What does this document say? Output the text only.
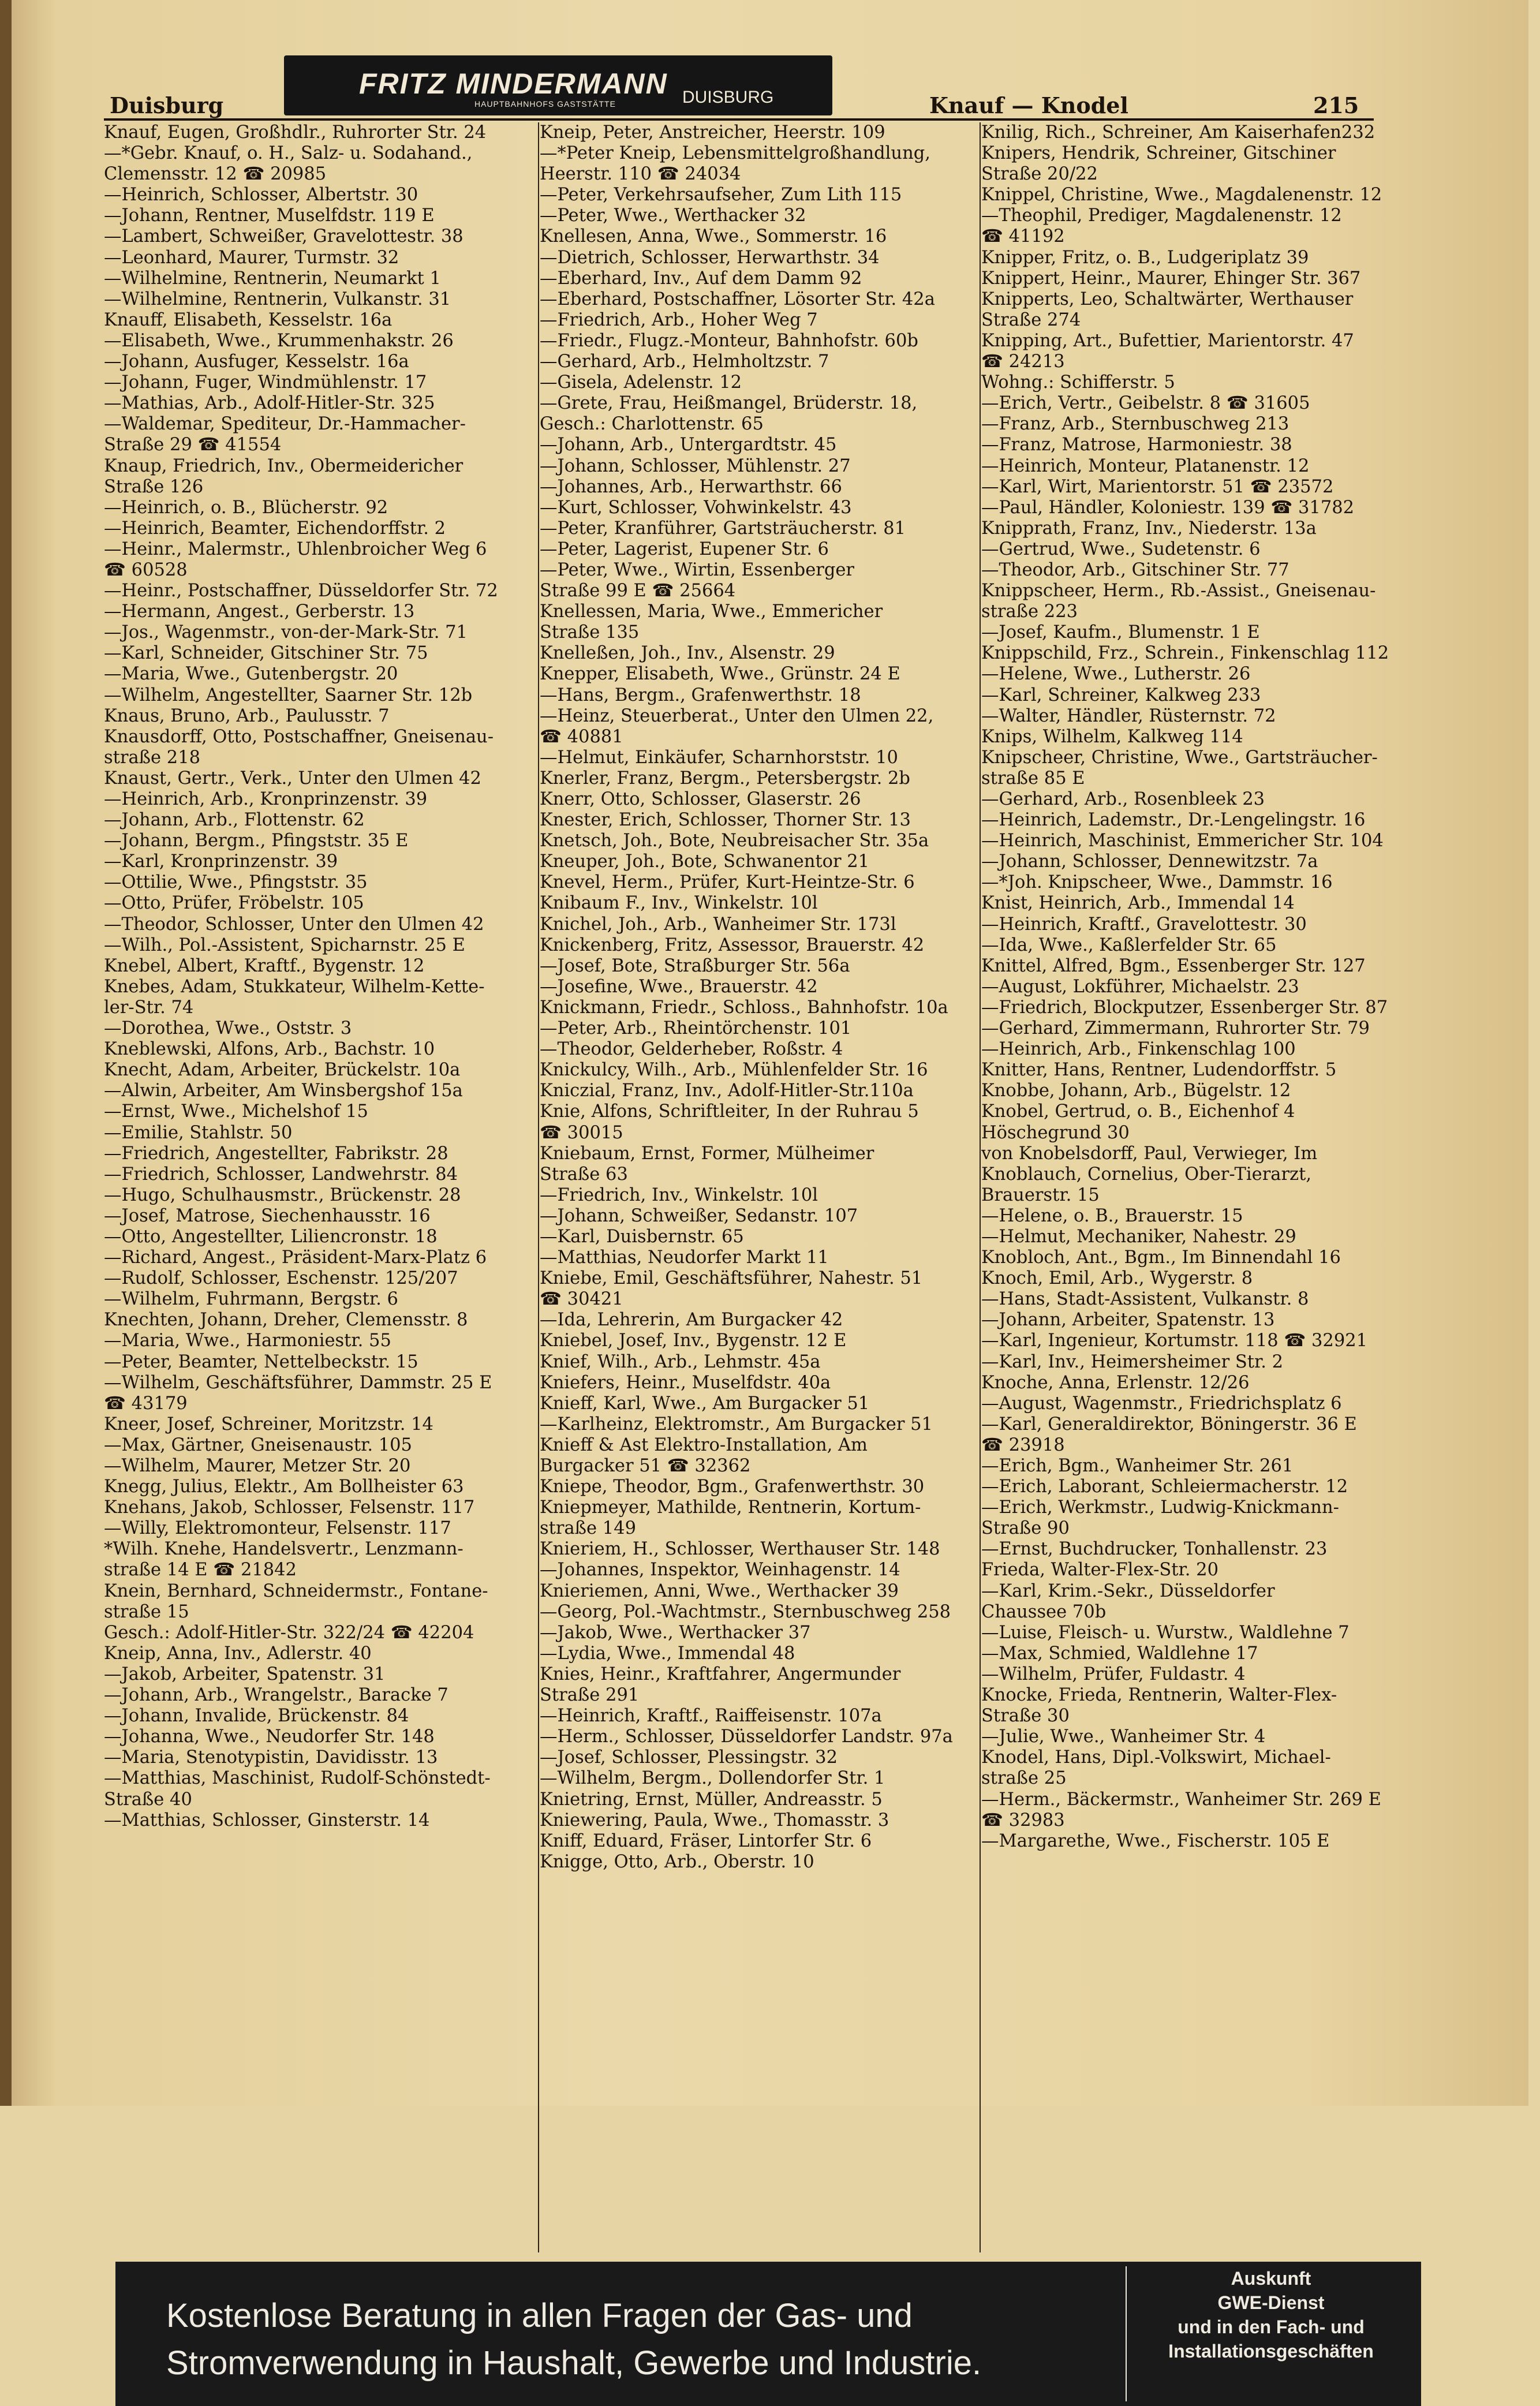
Duisburg	Knauf — Knodel	215
FRITZ MINDERMANN
HAUPTBAHNHOFS GASTSTÄTTE	DUISBURG
Knauf, Eugen, Großhdlr., Ruhrorter Str. 24
—*Gebr. Knauf, o. H., Salz- u. Sodahand.,
Clemensstr. 12 ☎ 20985
—Heinrich, Schlosser, Albertstr. 30
—Johann, Rentner, Muselfdstr. 119 E
—Lambert, Schweißer, Gravelottestr. 38
—Leonhard, Maurer, Turmstr. 32
—Wilhelmine, Rentnerin, Neumarkt 1
—Wilhelmine, Rentnerin, Vulkanstr. 31
Knauff, Elisabeth, Kesselstr. 16a
—Elisabeth, Wwe., Krummenhakstr. 26
—Johann, Ausfuger, Kesselstr. 16a
—Johann, Fuger, Windmühlenstr. 17
—Mathias, Arb., Adolf-Hitler-Str. 325
—Waldemar, Spediteur, Dr.-Hammacher-
Straße 29 ☎ 41554
Knaup, Friedrich, Inv., Obermeidericher
Straße 126
—Heinrich, o. B., Blücherstr. 92
—Heinrich, Beamter, Eichendorffstr. 2
—Heinr., Malermstr., Uhlenbroicher Weg 6
☎ 60528
—Heinr., Postschaffner, Düsseldorfer Str. 72
—Hermann, Angest., Gerberstr. 13
—Jos., Wagenmstr., von-der-Mark-Str. 71
—Karl, Schneider, Gitschiner Str. 75
—Maria, Wwe., Gutenbergstr. 20
—Wilhelm, Angestellter, Saarner Str. 12b
Knaus, Bruno, Arb., Paulusstr. 7
Knausdorff, Otto, Postschaffner, Gneisenau-
straße 218
Knaust, Gertr., Verk., Unter den Ulmen 42
—Heinrich, Arb., Kronprinzenstr. 39
—Johann, Arb., Flottenstr. 62
—Johann, Bergm., Pfingststr. 35 E
—Karl, Kronprinzenstr. 39
—Ottilie, Wwe., Pfingststr. 35
—Otto, Prüfer, Fröbelstr. 105
—Theodor, Schlosser, Unter den Ulmen 42
—Wilh., Pol.-Assistent, Spicharnstr. 25 E
Knebel, Albert, Kraftf., Bygenstr. 12
Knebes, Adam, Stukkateur, Wilhelm-Kette-
ler-Str. 74
—Dorothea, Wwe., Oststr. 3
Kneblewski, Alfons, Arb., Bachstr. 10
Knecht, Adam, Arbeiter, Brückelstr. 10a
—Alwin, Arbeiter, Am Winsbergshof 15a
—Ernst, Wwe., Michelshof 15
—Emilie, Stahlstr. 50
—Friedrich, Angestellter, Fabrikstr. 28
—Friedrich, Schlosser, Landwehrstr. 84
—Hugo, Schulhausmstr., Brückenstr. 28
—Josef, Matrose, Siechenhausstr. 16
—Otto, Angestellter, Liliencronstr. 18
—Richard, Angest., Präsident-Marx-Platz 6
—Rudolf, Schlosser, Eschenstr. 125/207
—Wilhelm, Fuhrmann, Bergstr. 6
Knechten, Johann, Dreher, Clemensstr. 8
—Maria, Wwe., Harmoniestr. 55
—Peter, Beamter, Nettelbeckstr. 15
—Wilhelm, Geschäftsführer, Dammstr. 25 E
☎ 43179
Kneer, Josef, Schreiner, Moritzstr. 14
—Max, Gärtner, Gneisenaustr. 105
—Wilhelm, Maurer, Metzer Str. 20
Knegg, Julius, Elektr., Am Bollheister 63
Knehans, Jakob, Schlosser, Felsenstr. 117
—Willy, Elektromonteur, Felsenstr. 117
*Wilh. Knehe, Handelsvertr., Lenzmann-
straße 14 E ☎ 21842
Knein, Bernhard, Schneidermstr., Fontane-
straße 15
Gesch.: Adolf-Hitler-Str. 322/24 ☎ 42204
Kneip, Anna, Inv., Adlerstr. 40
—Jakob, Arbeiter, Spatenstr. 31
—Johann, Arb., Wrangelstr., Baracke 7
—Johann, Invalide, Brückenstr. 84
—Johanna, Wwe., Neudorfer Str. 148
—Maria, Stenotypistin, Davidisstr. 13
—Matthias, Maschinist, Rudolf-Schönstedt-
Straße 40
—Matthias, Schlosser, Ginsterstr. 14
Kneip, Peter, Anstreicher, Heerstr. 109
—*Peter Kneip, Lebensmittelgroßhandlung,
Heerstr. 110 ☎ 24034
—Peter, Verkehrsaufseher, Zum Lith 115
—Peter, Wwe., Werthacker 32
Knellesen, Anna, Wwe., Sommerstr. 16
—Dietrich, Schlosser, Herwarthstr. 34
—Eberhard, Inv., Auf dem Damm 92
—Eberhard, Postschaffner, Lösorter Str. 42a
—Friedrich, Arb., Hoher Weg 7
—Friedr., Flugz.-Monteur, Bahnhofstr. 60b
—Gerhard, Arb., Helmholtzstr. 7
—Gisela, Adelenstr. 12
—Grete, Frau, Heißmangel, Brüderstr. 18,
Gesch.: Charlottenstr. 65
—Johann, Arb., Untergardtstr. 45
—Johann, Schlosser, Mühlenstr. 27
—Johannes, Arb., Herwarthstr. 66
—Kurt, Schlosser, Vohwinkelstr. 43
—Peter, Kranführer, Gartsträucherstr. 81
—Peter, Lagerist, Eupener Str. 6
—Peter, Wwe., Wirtin, Essenberger
Straße 99 E ☎ 25664
Knellessen, Maria, Wwe., Emmericher
Straße 135
Knelleßen, Joh., Inv., Alsenstr. 29
Knepper, Elisabeth, Wwe., Grünstr. 24 E
—Hans, Bergm., Grafenwerthstr. 18
—Heinz, Steuerberat., Unter den Ulmen 22,
☎ 40881
—Helmut, Einkäufer, Scharnhorststr. 10
Knerler, Franz, Bergm., Petersbergstr. 2b
Knerr, Otto, Schlosser, Glaserstr. 26
Knester, Erich, Schlosser, Thorner Str. 13
Knetsch, Joh., Bote, Neubreisacher Str. 35a
Kneuper, Joh., Bote, Schwanentor 21
Knevel, Herm., Prüfer, Kurt-Heintze-Str. 6
Knibaum F., Inv., Winkelstr. 10l
Knichel, Joh., Arb., Wanheimer Str. 173l
Knickenberg, Fritz, Assessor, Brauerstr. 42
—Josef, Bote, Straßburger Str. 56a
—Josefine, Wwe., Brauerstr. 42
Knickmann, Friedr., Schloss., Bahnhofstr. 10a
—Peter, Arb., Rheintörchenstr. 101
—Theodor, Gelderheber, Roßstr. 4
Knickulcy, Wilh., Arb., Mühlenfelder Str. 16
Kniczial, Franz, Inv., Adolf-Hitler-Str.110a
Knie, Alfons, Schriftleiter, In der Ruhrau 5
☎ 30015
Kniebaum, Ernst, Former, Mülheimer
Straße 63
—Friedrich, Inv., Winkelstr. 10l
—Johann, Schweißer, Sedanstr. 107
—Karl, Duisbernstr. 65
—Matthias, Neudorfer Markt 11
Kniebe, Emil, Geschäftsführer, Nahestr. 51
☎ 30421
—Ida, Lehrerin, Am Burgacker 42
Kniebel, Josef, Inv., Bygenstr. 12 E
Knief, Wilh., Arb., Lehmstr. 45a
Kniefers, Heinr., Muselfdstr. 40a
Knieff, Karl, Wwe., Am Burgacker 51
—Karlheinz, Elektromstr., Am Burgacker 51
Knieff & Ast Elektro-Installation, Am
Burgacker 51 ☎ 32362
Kniepe, Theodor, Bgm., Grafenwerthstr. 30
Kniepmeyer, Mathilde, Rentnerin, Kortum-
straße 149
Knieriem, H., Schlosser, Werthauser Str. 148
—Johannes, Inspektor, Weinhagenstr. 14
Knieriemen, Anni, Wwe., Werthacker 39
—Georg, Pol.-Wachtmstr., Sternbuschweg 258
—Jakob, Wwe., Werthacker 37
—Lydia, Wwe., Immendal 48
Knies, Heinr., Kraftfahrer, Angermunder
Straße 291
—Heinrich, Kraftf., Raiffeisenstr. 107a
—Herm., Schlosser, Düsseldorfer Landstr. 97a
—Josef, Schlosser, Plessingstr. 32
—Wilhelm, Bergm., Dollendorfer Str. 1
Knietring, Ernst, Müller, Andreasstr. 5
Kniewering, Paula, Wwe., Thomasstr. 3
Kniff, Eduard, Fräser, Lintorfer Str. 6
Knigge, Otto, Arb., Oberstr. 10
Knilig, Rich., Schreiner, Am Kaiserhafen232
Knipers, Hendrik, Schreiner, Gitschiner
Straße 20/22
Knippel, Christine, Wwe., Magdalenenstr. 12
—Theophil, Prediger, Magdalenenstr. 12
☎ 41192
Knipper, Fritz, o. B., Ludgeriplatz 39
Knippert, Heinr., Maurer, Ehinger Str. 367
Knipperts, Leo, Schaltwärter, Werthauser
Straße 274
Knipping, Art., Bufettier, Marientorstr. 47
☎ 24213
Wohng.: Schifferstr. 5
—Erich, Vertr., Geibelstr. 8 ☎ 31605
—Franz, Arb., Sternbuschweg 213
—Franz, Matrose, Harmoniestr. 38
—Heinrich, Monteur, Platanenstr. 12
—Karl, Wirt, Marientorstr. 51 ☎ 23572
—Paul, Händler, Koloniestr. 139 ☎ 31782
Knipprath, Franz, Inv., Niederstr. 13a
—Gertrud, Wwe., Sudetenstr. 6
—Theodor, Arb., Gitschiner Str. 77
Knippscheer, Herm., Rb.-Assist., Gneisenau-
straße 223
—Josef, Kaufm., Blumenstr. 1 E
Knippschild, Frz., Schrein., Finkenschlag 112
—Helene, Wwe., Lutherstr. 26
—Karl, Schreiner, Kalkweg 233
—Walter, Händler, Rüsternstr. 72
Knips, Wilhelm, Kalkweg 114
Knipscheer, Christine, Wwe., Gartsträucher-
straße 85 E
—Gerhard, Arb., Rosenbleek 23
—Heinrich, Lademstr., Dr.-Lengelingstr. 16
—Heinrich, Maschinist, Emmericher Str. 104
—Johann, Schlosser, Dennewitzstr. 7a
—*Joh. Knipscheer, Wwe., Dammstr. 16
Knist, Heinrich, Arb., Immendal 14
—Heinrich, Kraftf., Gravelottestr. 30
—Ida, Wwe., Kaßlerfelder Str. 65
Knittel, Alfred, Bgm., Essenberger Str. 127
—August, Lokführer, Michaelstr. 23
—Friedrich, Blockputzer, Essenberger Str. 87
—Gerhard, Zimmermann, Ruhrorter Str. 79
—Heinrich, Arb., Finkenschlag 100
Knitter, Hans, Rentner, Ludendorffstr. 5
Knobbe, Johann, Arb., Bügelstr. 12
Knobel, Gertrud, o. B., Eichenhof 4
Höschegrund 30
von Knobelsdorff, Paul, Verwieger, Im
Knoblauch, Cornelius, Ober-Tierarzt,
Brauerstr. 15
—Helene, o. B., Brauerstr. 15
—Helmut, Mechaniker, Nahestr. 29
Knobloch, Ant., Bgm., Im Binnendahl 16
Knoch, Emil, Arb., Wygerstr. 8
—Hans, Stadt-Assistent, Vulkanstr. 8
—Johann, Arbeiter, Spatenstr. 13
—Karl, Ingenieur, Kortumstr. 118 ☎ 32921
—Karl, Inv., Heimersheimer Str. 2
Knoche, Anna, Erlenstr. 12/26
—August, Wagenmstr., Friedrichsplatz 6
—Karl, Generaldirektor, Böningerstr. 36 E
☎ 23918
—Erich, Bgm., Wanheimer Str. 261
—Erich, Laborant, Schleiermacherstr. 12
—Erich, Werkmstr., Ludwig-Knickmann-
Straße 90
—Ernst, Buchdrucker, Tonhallenstr. 23
Frieda, Walter-Flex-Str. 20
—Karl, Krim.-Sekr., Düsseldorfer
Chaussee 70b
—Luise, Fleisch- u. Wurstw., Waldlehne 7
—Max, Schmied, Waldlehne 17
—Wilhelm, Prüfer, Fuldastr. 4
Knocke, Frieda, Rentnerin, Walter-Flex-
Straße 30
—Julie, Wwe., Wanheimer Str. 4
Knodel, Hans, Dipl.-Volkswirt, Michael-
straße 25
—Herm., Bäckermstr., Wanheimer Str. 269 E
☎ 32983
—Margarethe, Wwe., Fischerstr. 105 E
Kostenlose Beratung in allen Fragen der Gas- und
Stromverwendung in Haushalt, Gewerbe und Industrie.
Auskunft
GWE-Dienst
und in den Fach- und
Installationsgeschäften
